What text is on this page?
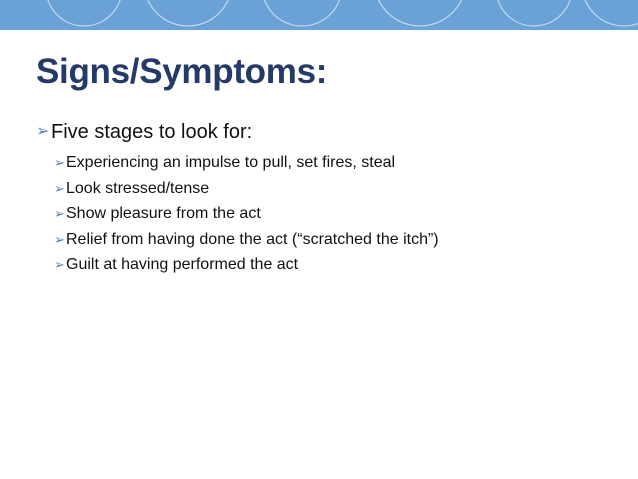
Signs/Symptoms:
➢ Five stages to look for:
➢ Experiencing an impulse to pull, set fires, steal
➢ Look stressed/tense
➢ Show pleasure from the act
➢ Relief from having done the act (“scratched the itch”)
➢ Guilt at having performed the act
